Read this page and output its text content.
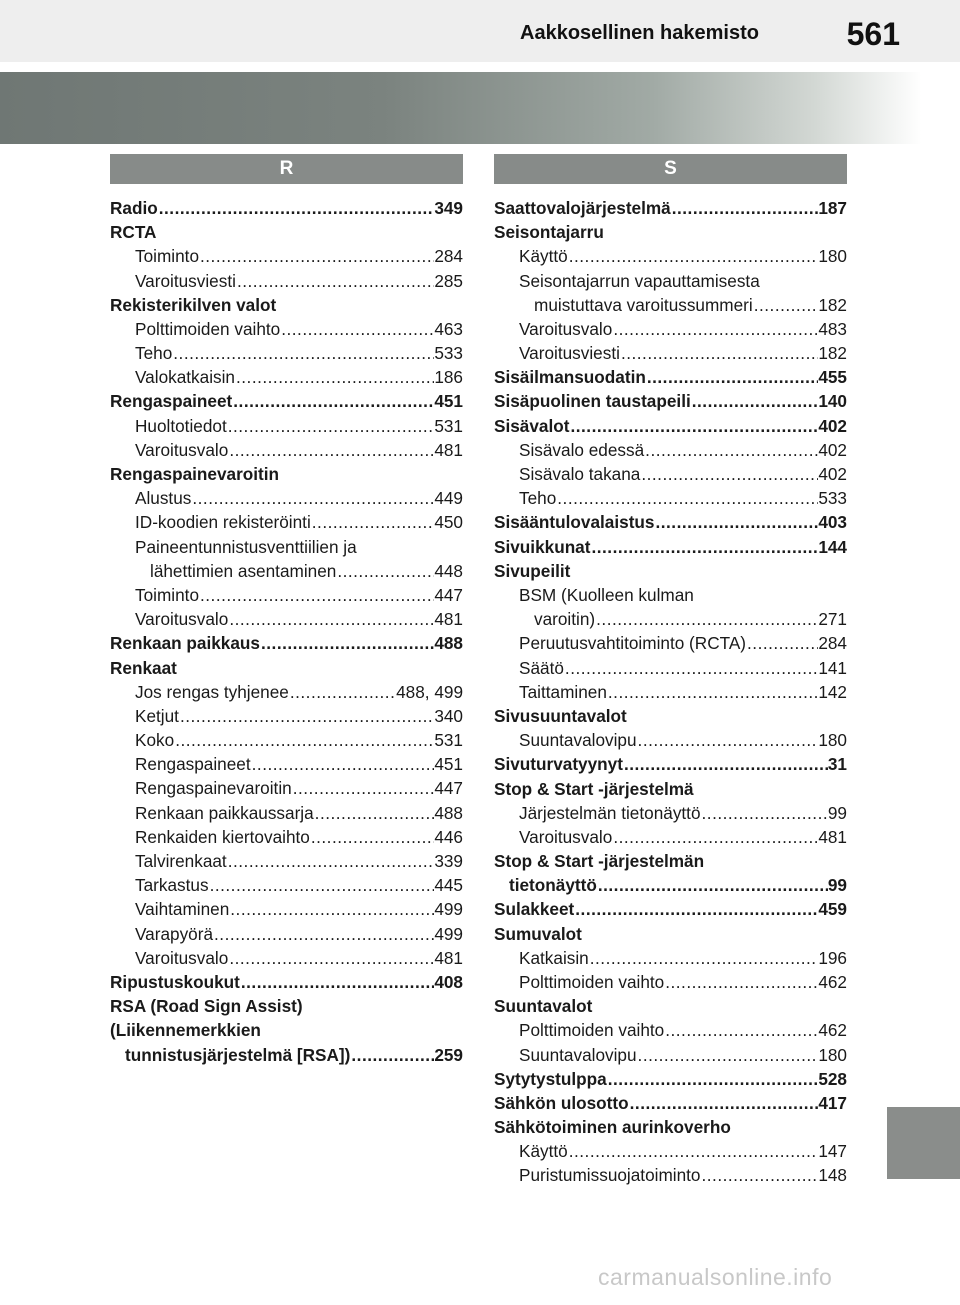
Aakkosellinen hakemisto	561
R
Radio .....	349
RCTA
Toiminto .....	284
Varoitusviesti .....	285
Rekisterikilven valot
Polttimoiden vaihto .....	463
Teho .....	533
Valokatkaisin .....	186
Rengaspaineet .....	451
Huoltotiedot .....	531
Varoitusvalo .....	481
Rengaspainevaroitin
Alustus .....	449
ID-koodien rekisteröinti .....	450
Paineentunnistusventtiilien ja
lähettimien asentaminen .....	448
Toiminto .....	447
Varoitusvalo .....	481
Renkaan paikkaus .....	488
Renkaat
Jos rengas tyhjenee .....	488, 499
Ketjut .....	340
Koko .....	531
Rengaspaineet .....	451
Rengaspainevaroitin .....	447
Renkaan paikkaussarja .....	488
Renkaiden kiertovaihto .....	446
Talvirenkaat .....	339
Tarkastus .....	445
Vaihtaminen .....	499
Varapyörä .....	499
Varoitusvalo .....	481
Ripustuskoukut .....	408
RSA (Road Sign Assist)
(Liikennemerkkien
tunnistusjärjestelmä [RSA]) .....	259
S
Saattovalojärjestelmä .....	187
Seisontajarru
Käyttö .....	180
Seisontajarrun vapauttamisesta
muistuttava varoitussummeri .....	182
Varoitusvalo .....	483
Varoitusviesti .....	182
Sisäilmansuodatin .....	455
Sisäpuolinen taustapeili .....	140
Sisävalot .....	402
Sisävalo edessä .....	402
Sisävalo takana .....	402
Teho .....	533
Sisääntulovalaistus .....	403
Sivuikkunat .....	144
Sivupeilit
BSM (Kuolleen kulman
varoitin) .....	271
Peruutusvahtitoiminto (RCTA) .....	284
Säätö .....	141
Taittaminen .....	142
Sivusuuntavalot
Suuntavalovipu .....	180
Sivuturvatyynyt .....	31
Stop & Start -järjestelmä
Järjestelmän tietonäyttö .....	99
Varoitusvalo .....	481
Stop & Start -järjestelmän
tietonäyttö .....	99
Sulakkeet .....	459
Sumuvalot
Katkaisin .....	196
Polttimoiden vaihto .....	462
Suuntavalot
Polttimoiden vaihto .....	462
Suuntavalovipu .....	180
Sytytystulppa .....	528
Sähkön ulosotto .....	417
Sähkötoiminen aurinkoverho
Käyttö .....	147
Puristumissuojatoiminto .....	148
carmanualsonline.info
